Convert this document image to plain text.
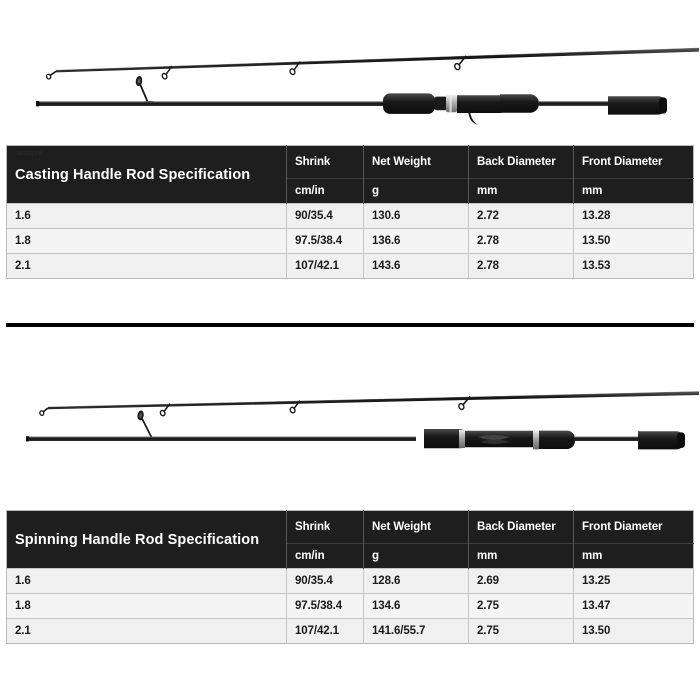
unique
Casting Handle Rod Specification	Shrink	Net Weight	Back Diameter	Front Diameter
	cm/in	g	mm	mm
1.6	90/35.4	130.6	2.72	13.28
1.8	97.5/38.4	136.6	2.78	13.50
2.1	107/42.1	143.6	2.78	13.53
Spinning Handle Rod Specification	Shrink	Net Weight	Back Diameter	Front Diameter
	cm/in	g	mm	mm
1.6	90/35.4	128.6	2.69	13.25
1.8	97.5/38.4	134.6	2.75	13.47
2.1	107/42.1	141.6/55.7	2.75	13.50
